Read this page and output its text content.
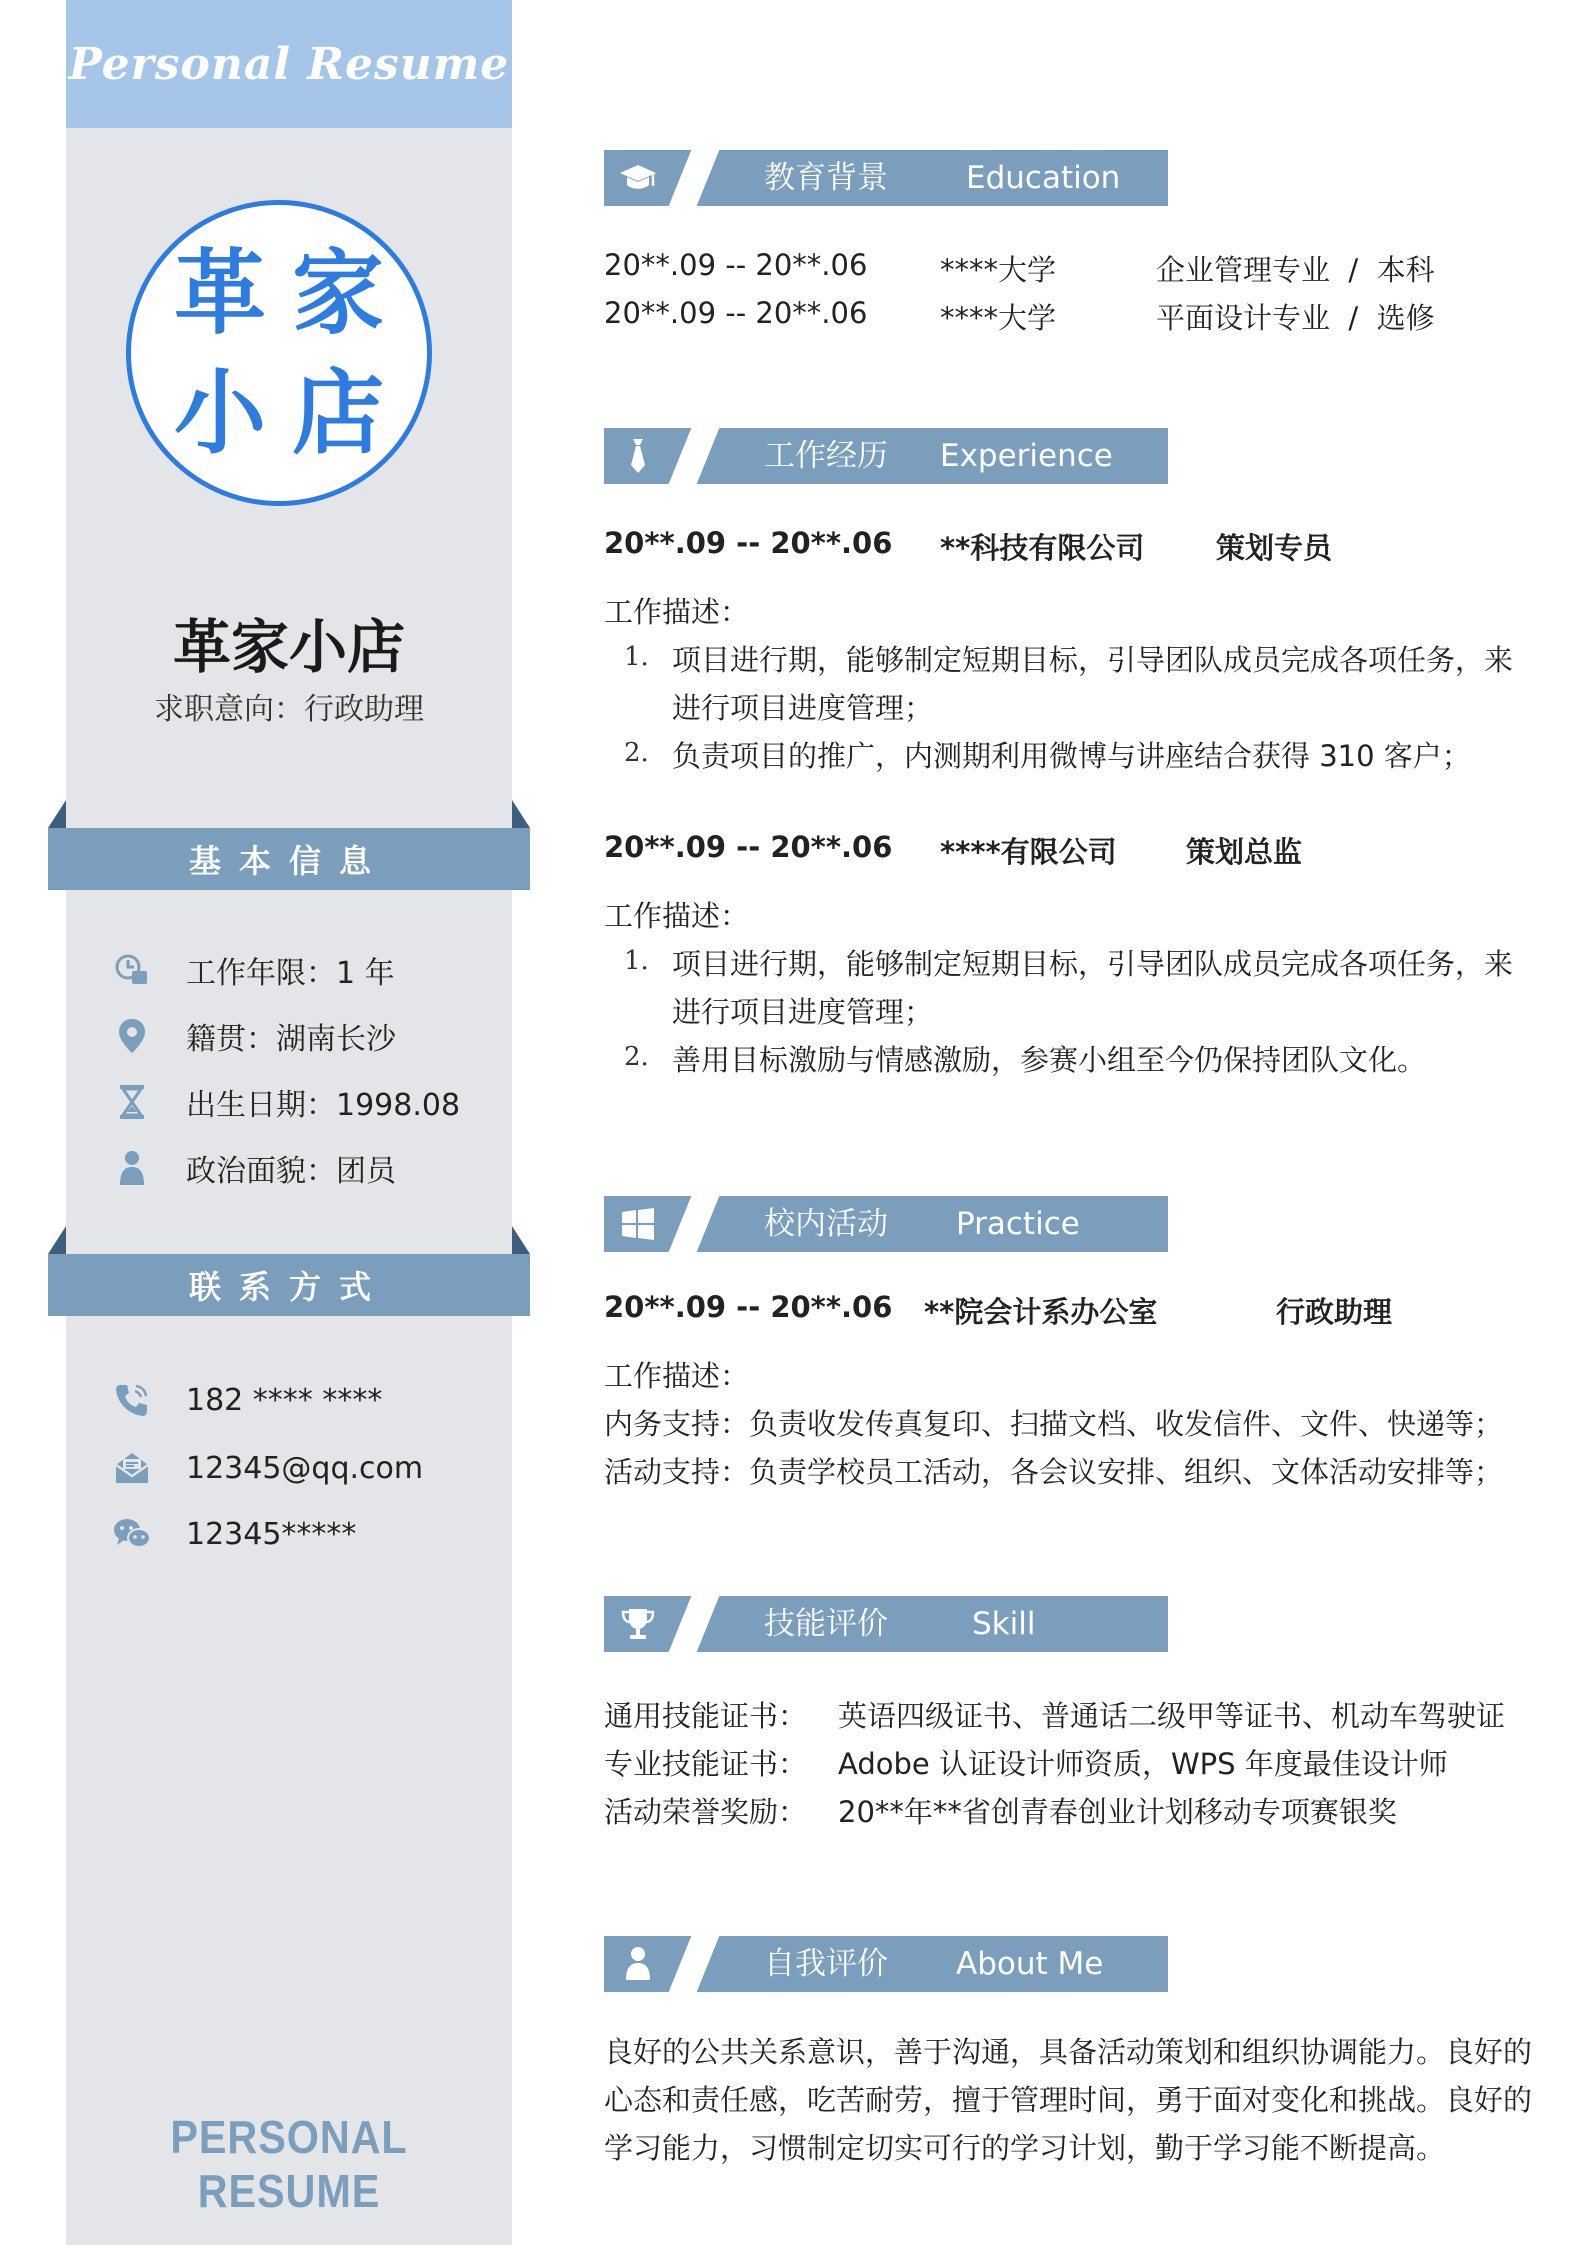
Personal Resume
革 家
小 店
革家小店
求职意向：行政助理
基本信息
工作年限：1 年
籍贯：湖南长沙
出生日期：1998.08
政治面貌：团员
联系方式
182 **** ****
12345@qq.com
12345*****
PERSONAL RESUME
教育背景	Education
20**.09 -- 20**.06	****大学	企业管理专业  /  本科
20**.09 -- 20**.06	****大学	平面设计专业  /  选修
工作经历 Experience
20**.09 -- 20**.06 **科技有限公司 策划专员
工作描述：
1. 项目进行期，能够制定短期目标，引导团队成员完成各项任务，来
进行项目进度管理；
2. 负责项目的推广，内测期利用微博与讲座结合获得 310 客户；
20**.09 -- 20**.06 ****有限公司 策划总监
工作描述：
1. 项目进行期，能够制定短期目标，引导团队成员完成各项任务，来
进行项目进度管理；
2. 善用目标激励与情感激励，参赛小组至今仍保持团队文化。
校内活动 Practice
20**.09 -- 20**.06 **院会计系办公室	行政助理
工作描述：
内务支持：负责收发传真复印、扫描文档、收发信件、文件、快递等；
活动支持：负责学校员工活动，各会议安排、组织、文体活动安排等；
技能评价	Skill
通用技能证书： 英语四级证书、普通话二级甲等证书、机动车驾驶证
专业技能证书： Adobe 认证设计师资质，WPS 年度最佳设计师
活动荣誉奖励： 20**年**省创青春创业计划移动专项赛银奖
自我评价 About Me
良好的公共关系意识，善于沟通，具备活动策划和组织协调能力。良好的
心态和责任感，吃苦耐劳，擅于管理时间，勇于面对变化和挑战。良好的
学习能力，习惯制定切实可行的学习计划，勤于学习能不断提高。
